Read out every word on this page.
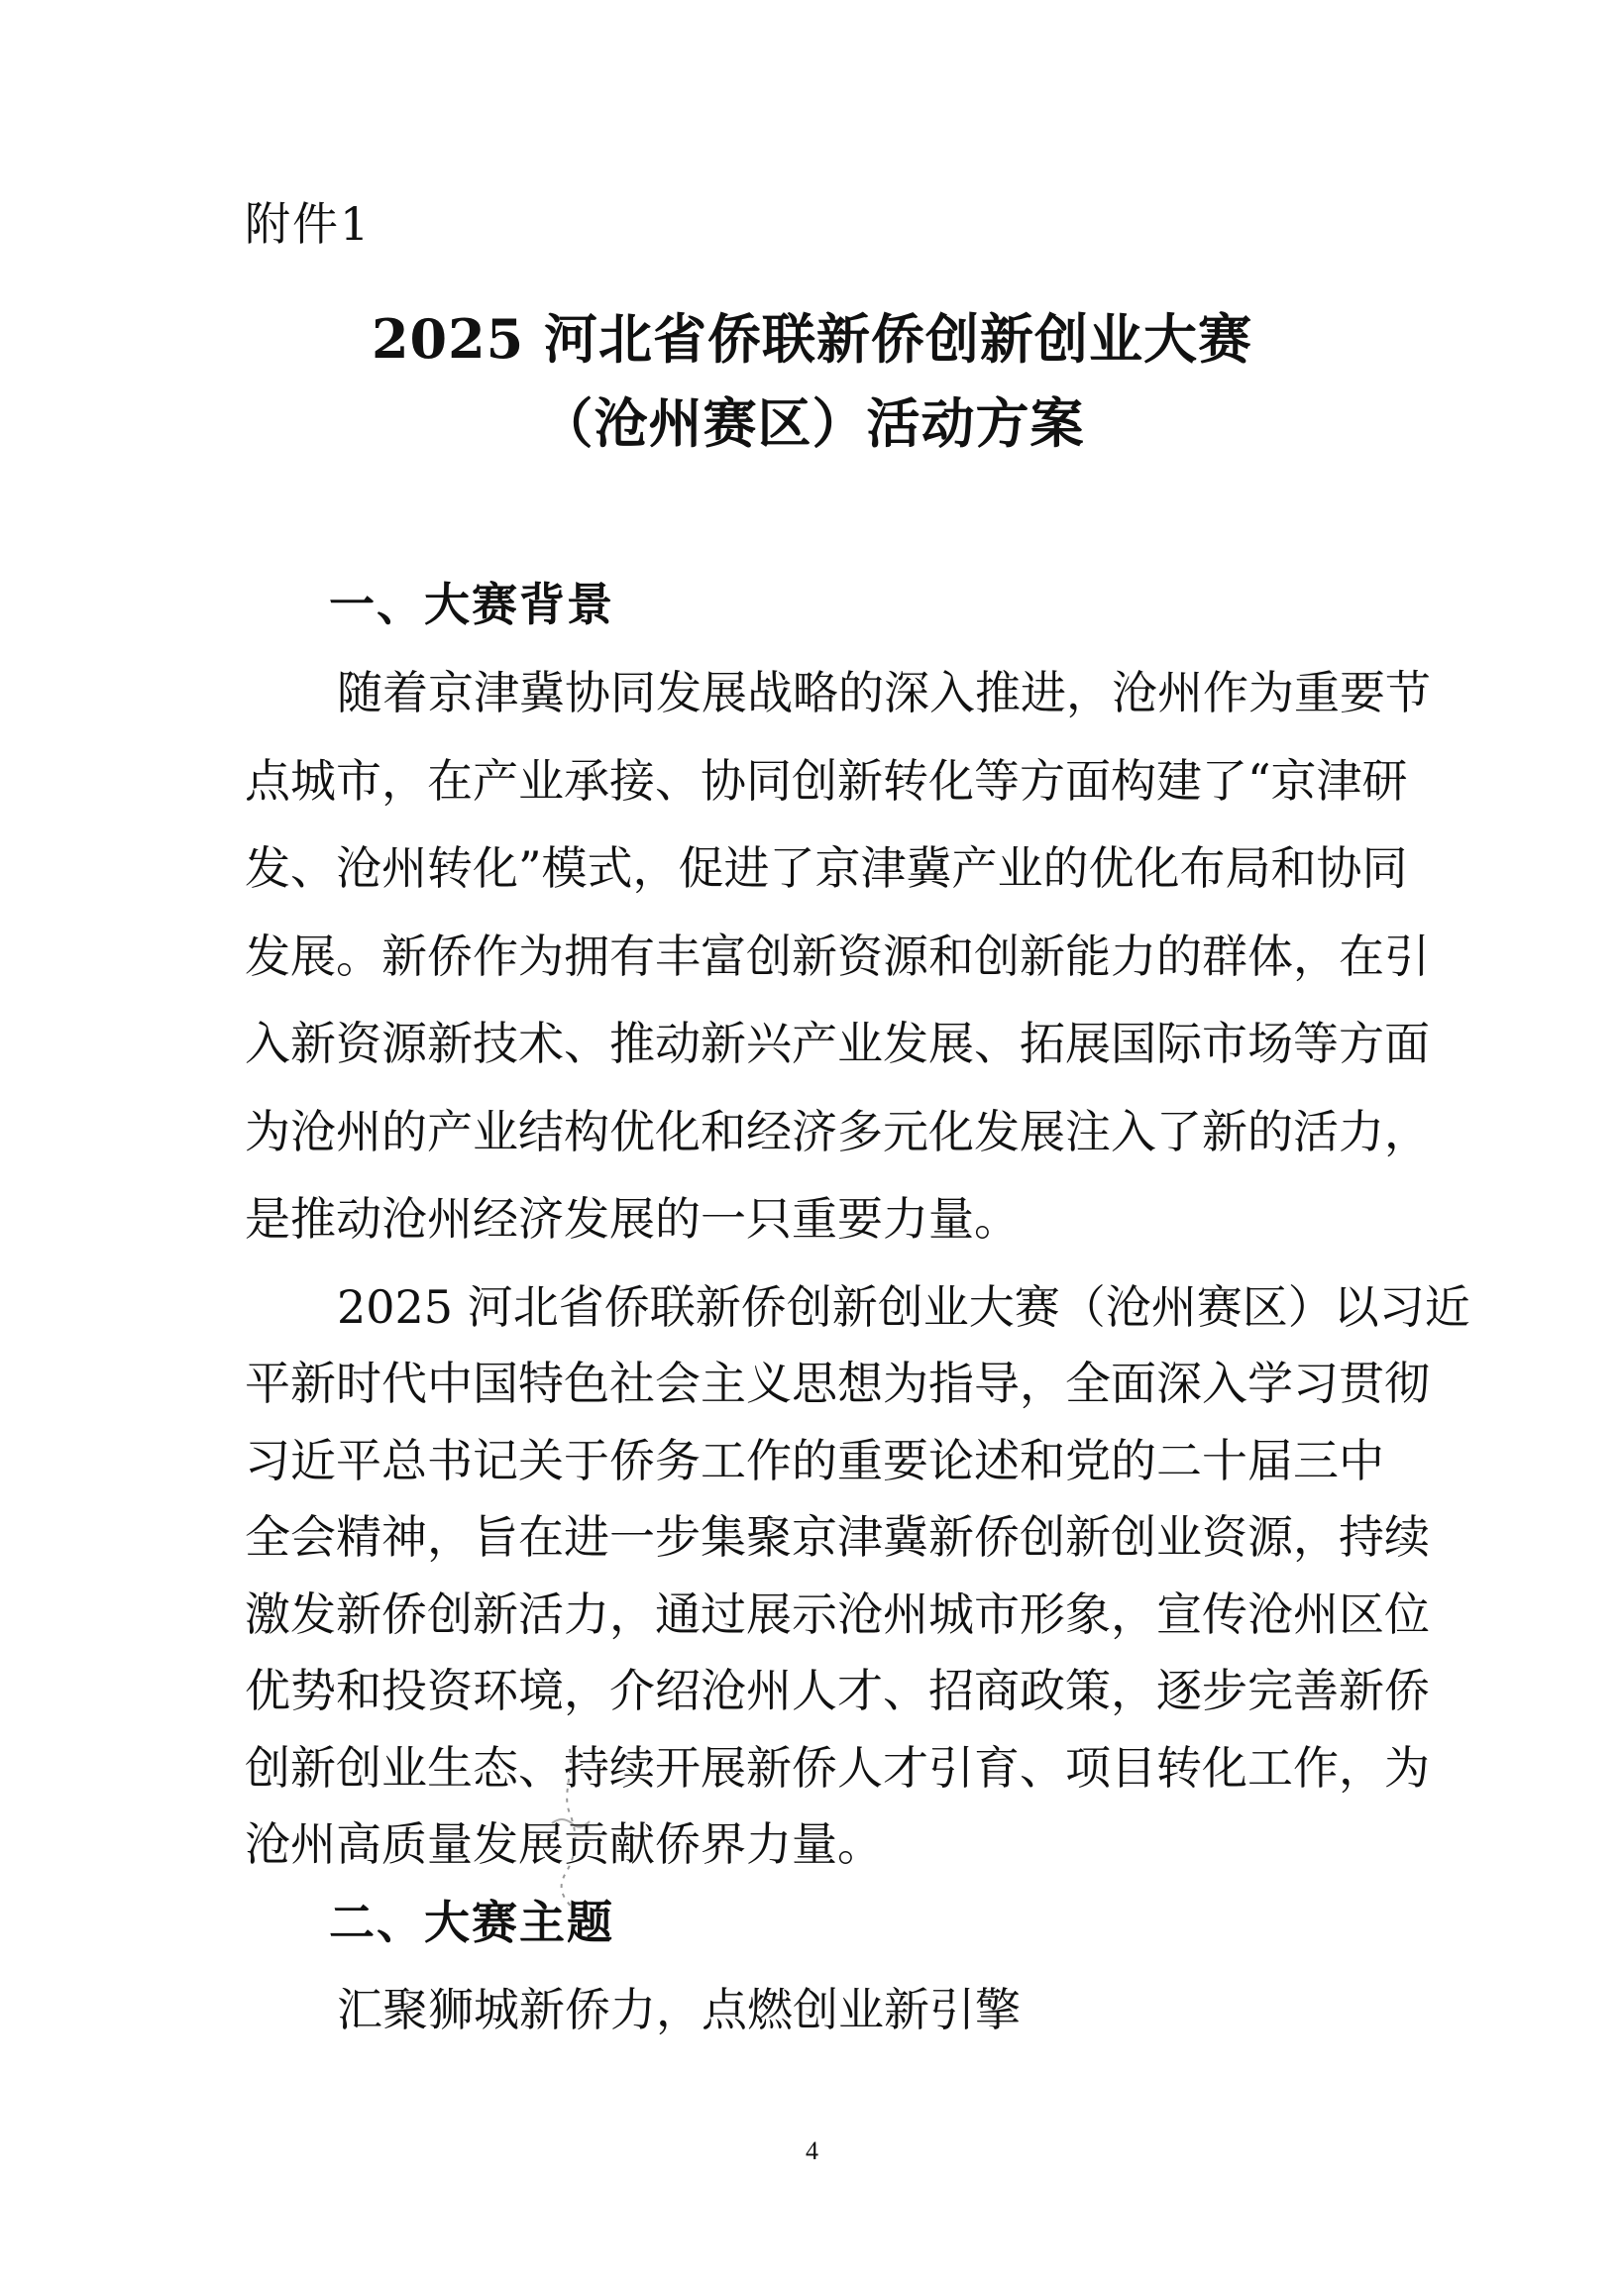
附件1
2025 河北省侨联新侨创新创业大赛
（沧州赛区）活动方案
一、大赛背景
随着京津冀协同发展战略的深入推进，沧州作为重要节
点城市，在产业承接、协同创新转化等方面构建了“京津研
发、沧州转化”模式，促进了京津冀产业的优化布局和协同
发展。新侨作为拥有丰富创新资源和创新能力的群体，在引
入新资源新技术、推动新兴产业发展、拓展国际市场等方面
为沧州的产业结构优化和经济多元化发展注入了新的活力，
是推动沧州经济发展的一只重要力量。
2025 河北省侨联新侨创新创业大赛（沧州赛区）以习近
平新时代中国特色社会主义思想为指导，全面深入学习贯彻
习近平总书记关于侨务工作的重要论述和党的二十届三中
全会精神，旨在进一步集聚京津冀新侨创新创业资源，持续
激发新侨创新活力，通过展示沧州城市形象，宣传沧州区位
优势和投资环境，介绍沧州人才、招商政策，逐步完善新侨
创新创业生态、持续开展新侨人才引育、项目转化工作，为
二、大赛主题
汇聚狮城新侨力，点燃创业新引擎
4
沧州高质量发展贡献侨界力量。
